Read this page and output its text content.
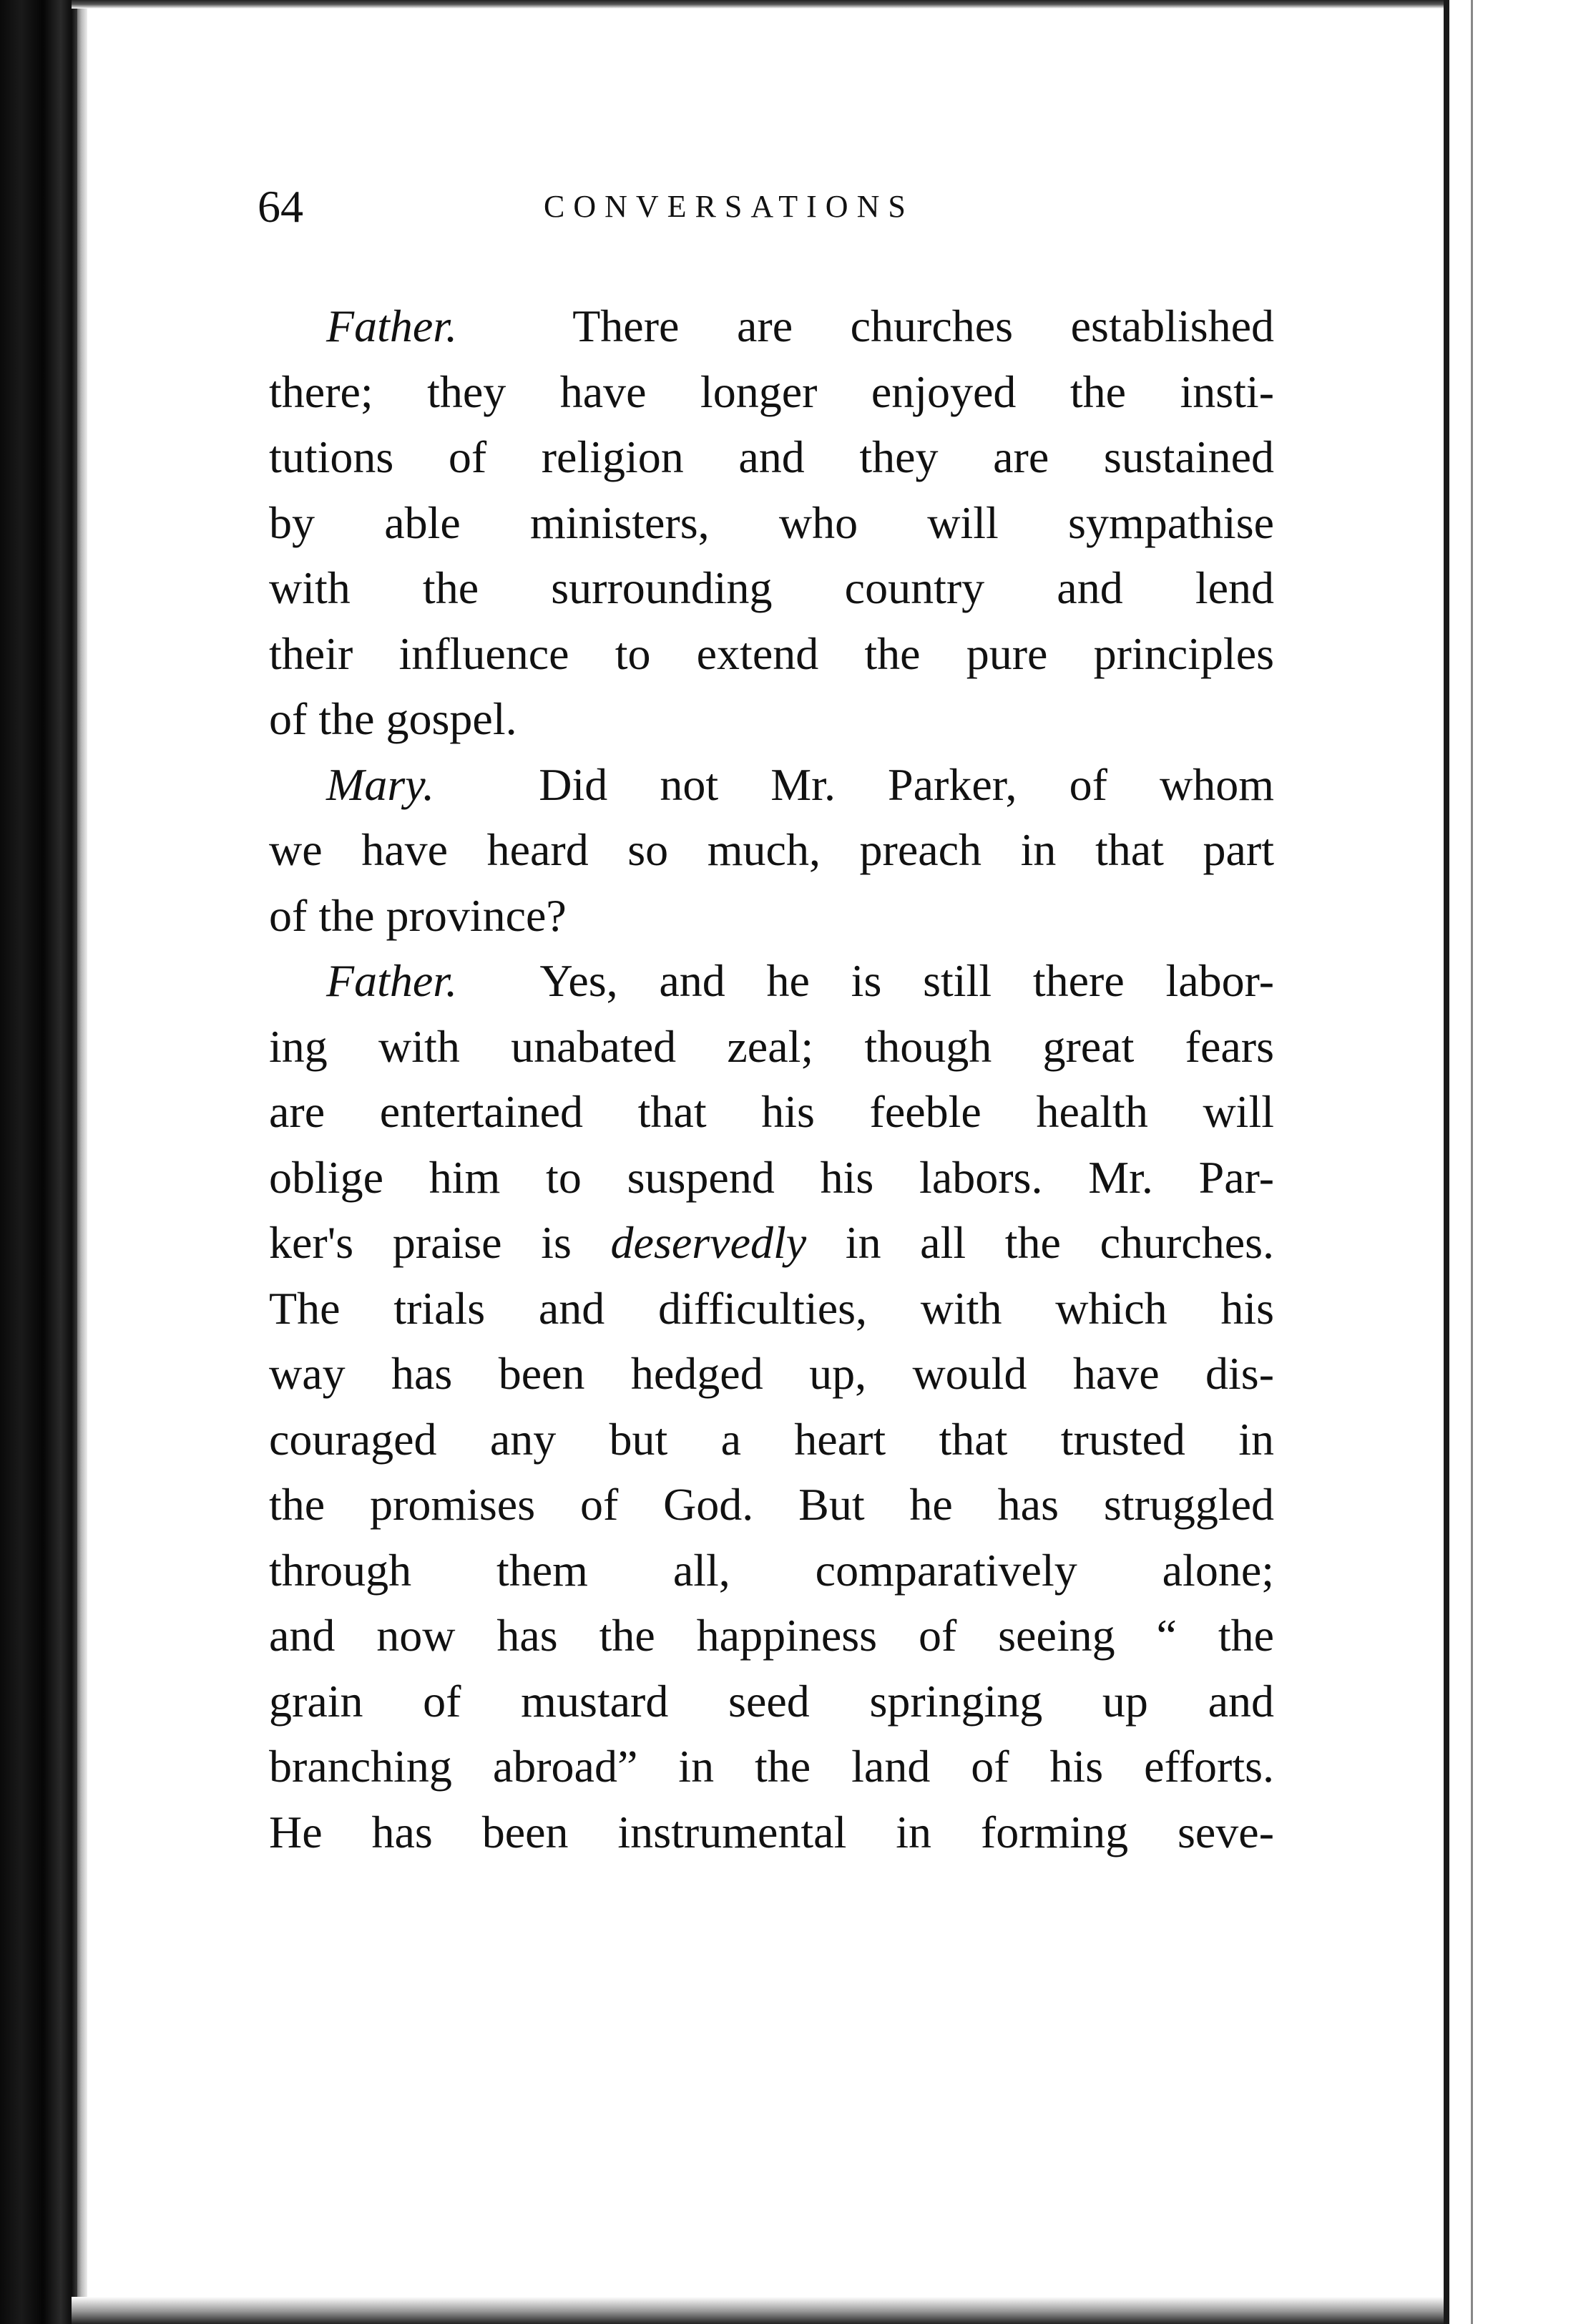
64	CONVERSATIONS
Father.	There are churches established
there; they have longer enjoyed the insti-
tutions of religion and they are sustained
by able ministers, who will sympathise
with the surrounding country and lend
their influence to extend the pure principles
of the gospel.
Mary. Did not Mr. Parker, of whom
we have heard so much, preach in that part
of the province?
Father. Yes, and he is still there labor-
ing with unabated zeal; though great fears
are entertained that his feeble health will
oblige him to suspend his labors. Mr. Par-
ker's praise is deservedly in all the churches.
The trials and difficulties, with which his
way has been hedged up, would have dis-
couraged any but a heart that trusted in
the promises of God. But he has struggled
through them all, comparatively alone;
and now has the happiness of seeing “ the
grain of mustard seed springing up and
branching abroad” in the land of his efforts.
He has been instrumental in forming seve-
